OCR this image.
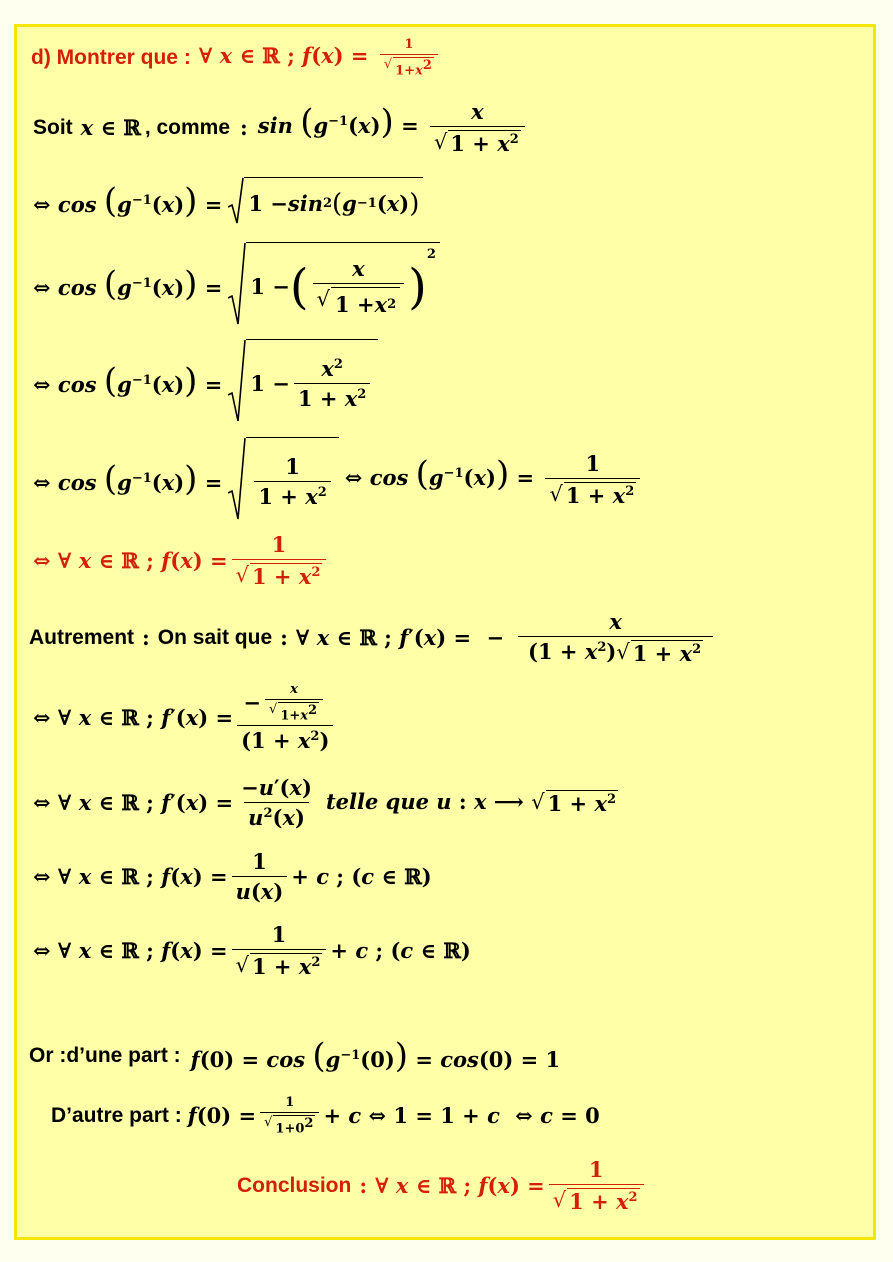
d) Montrer que : ∀ x ∈ ℝ ; $f(x) = \frac{1}{√ 1+x^2}$
Soit x ∈ ℝ , comme : $\sin (g^{-1}(x)) = \frac{x}{√ 1 + x^2}$
⇔ $\cos (g^{-1}(x)) = 1 - \sin 2$ ( g −1 ( x ) )
⇔ $\cos (g^{-1}(x)) = 1$ − ( $\frac{x}{√ 1 + x 2}$ )
2
⇔ $\cos (g^{-1}(x)) = 1 - \frac{x^2}{1 + x^2}$
⇔ $\cos (g^{-1}(x)) = \frac{1}{1 + x^2}$ ⇔ $\cos (g^{-1}(x)) = \frac{1}{√ 1 + x^2}$
⇔ ∀ x ∈ ℝ ; $f(x) = \frac{1}{√ 1 + x^2}$
Autrement : On sait que : ∀ x ∈ ℝ ; f′(x) = − $\frac{x}{(1 + x^2) √ 1 + x^2}$
⇔ ∀ x ∈ ℝ ; $f'(x) = \frac{- \frac{x}{√ 1+x^2}}{(1 + x^2)}$
⇔ ∀ x ∈ ℝ ; $f'(x) = \frac{-u'(x)}{u^2(x)}$ telle que u : x ⟶ √ $1 + x^2$
⇔ ∀ x ∈ ℝ ; $f(x) = \frac{1}{u(x)} + c$ ; (c ∈ ℝ)
⇔ ∀ x ∈ ℝ ; $f(x) = \frac{1}{√ 1 + x^2} + c$ ; (c ∈ ℝ)
Or :d’une part : $f(0) = \cos (g^{-1}(0)) = \cos(0) = 1$
D’autre part : $f(0) = \frac{1}{√ 1+0^2} + c$ ⇔ 1 = 1 + c ⇔ c = 0
Conclusion : ∀ x ∈ ℝ ; $f(x) = \frac{1}{√ 1 + x^2}$
